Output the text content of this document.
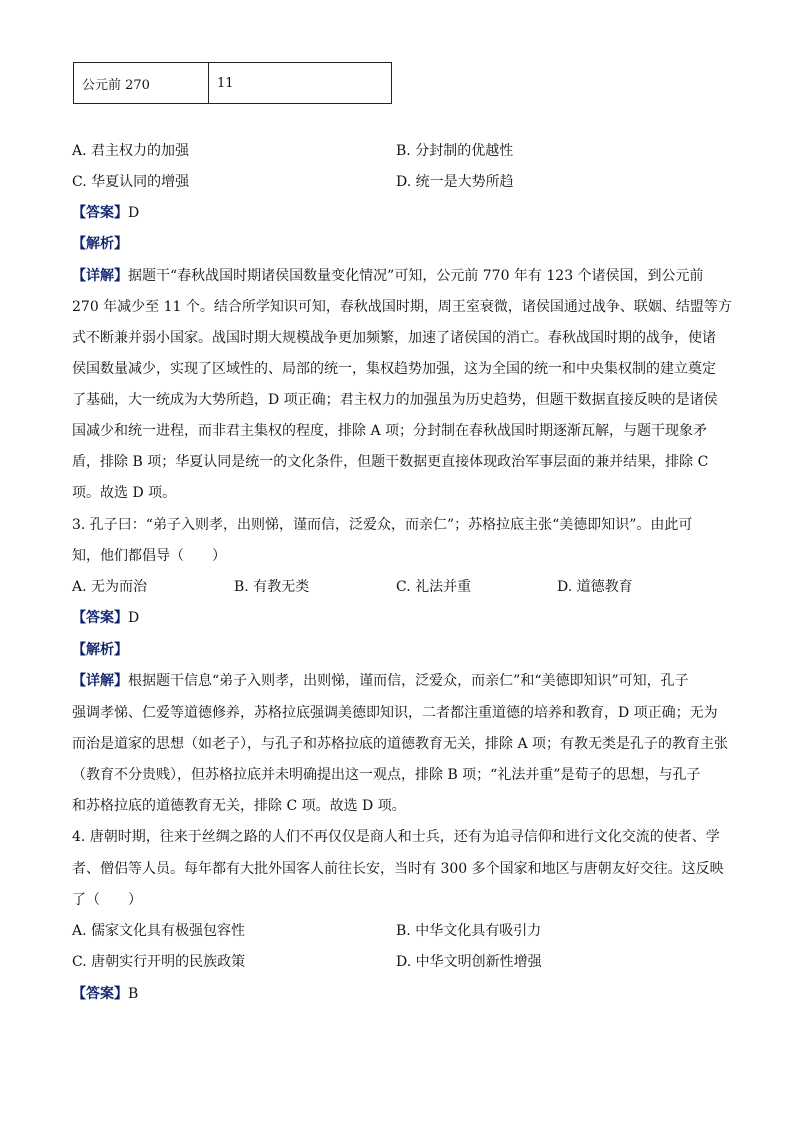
公元前 270	11
A. 君主权力的加强	B. 分封制的优越性
C. 华夏认同的增强	D. 统一是大势所趋
【答案】D
【解析】
【详解】据题干“春秋战国时期诸侯国数量变化情况”可知，公元前 770 年有 123 个诸侯国，到公元前
270 年减少至 11 个。结合所学知识可知，春秋战国时期，周王室衰微，诸侯国通过战争、联姻、结盟等方
式不断兼并弱小国家。战国时期大规模战争更加频繁，加速了诸侯国的消亡。春秋战国时期的战争，使诸
侯国数量减少，实现了区域性的、局部的统一，集权趋势加强，这为全国的统一和中央集权制的建立奠定
了基础，大一统成为大势所趋，D 项正确；君主权力的加强虽为历史趋势，但题干数据直接反映的是诸侯
国减少和统一进程，而非君主集权的程度，排除 A 项；分封制在春秋战国时期逐渐瓦解，与题干现象矛
盾，排除 B 项；华夏认同是统一的文化条件，但题干数据更直接体现政治军事层面的兼并结果，排除 C
项。故选 D 项。
3. 孔子曰：“弟子入则孝，出则悌，谨而信，泛爱众，而亲仁”；苏格拉底主张“美德即知识”。由此可
知，他们都倡导（　　）
A. 无为而治	B. 有教无类	C. 礼法并重	D. 道德教育
【答案】D
【解析】
【详解】根据题干信息“弟子入则孝，出则悌，谨而信，泛爱众，而亲仁”和“美德即知识”可知，孔子
强调孝悌、仁爱等道德修养，苏格拉底强调美德即知识，二者都注重道德的培养和教育，D 项正确；无为
而治是道家的思想（如老子），与孔子和苏格拉底的道德教育无关，排除 A 项；有教无类是孔子的教育主张
（教育不分贵贱），但苏格拉底并未明确提出这一观点，排除 B 项；“礼法并重”是荀子的思想，与孔子
和苏格拉底的道德教育无关，排除 C 项。故选 D 项。
4. 唐朝时期，往来于丝绸之路的人们不再仅仅是商人和士兵，还有为追寻信仰和进行文化交流的使者、学
者、僧侣等人员。每年都有大批外国客人前往长安，当时有 300 多个国家和地区与唐朝友好交往。这反映
了（　　）
A. 儒家文化具有极强包容性	B. 中华文化具有吸引力
C. 唐朝实行开明的民族政策	D. 中华文明创新性增强
【答案】B
